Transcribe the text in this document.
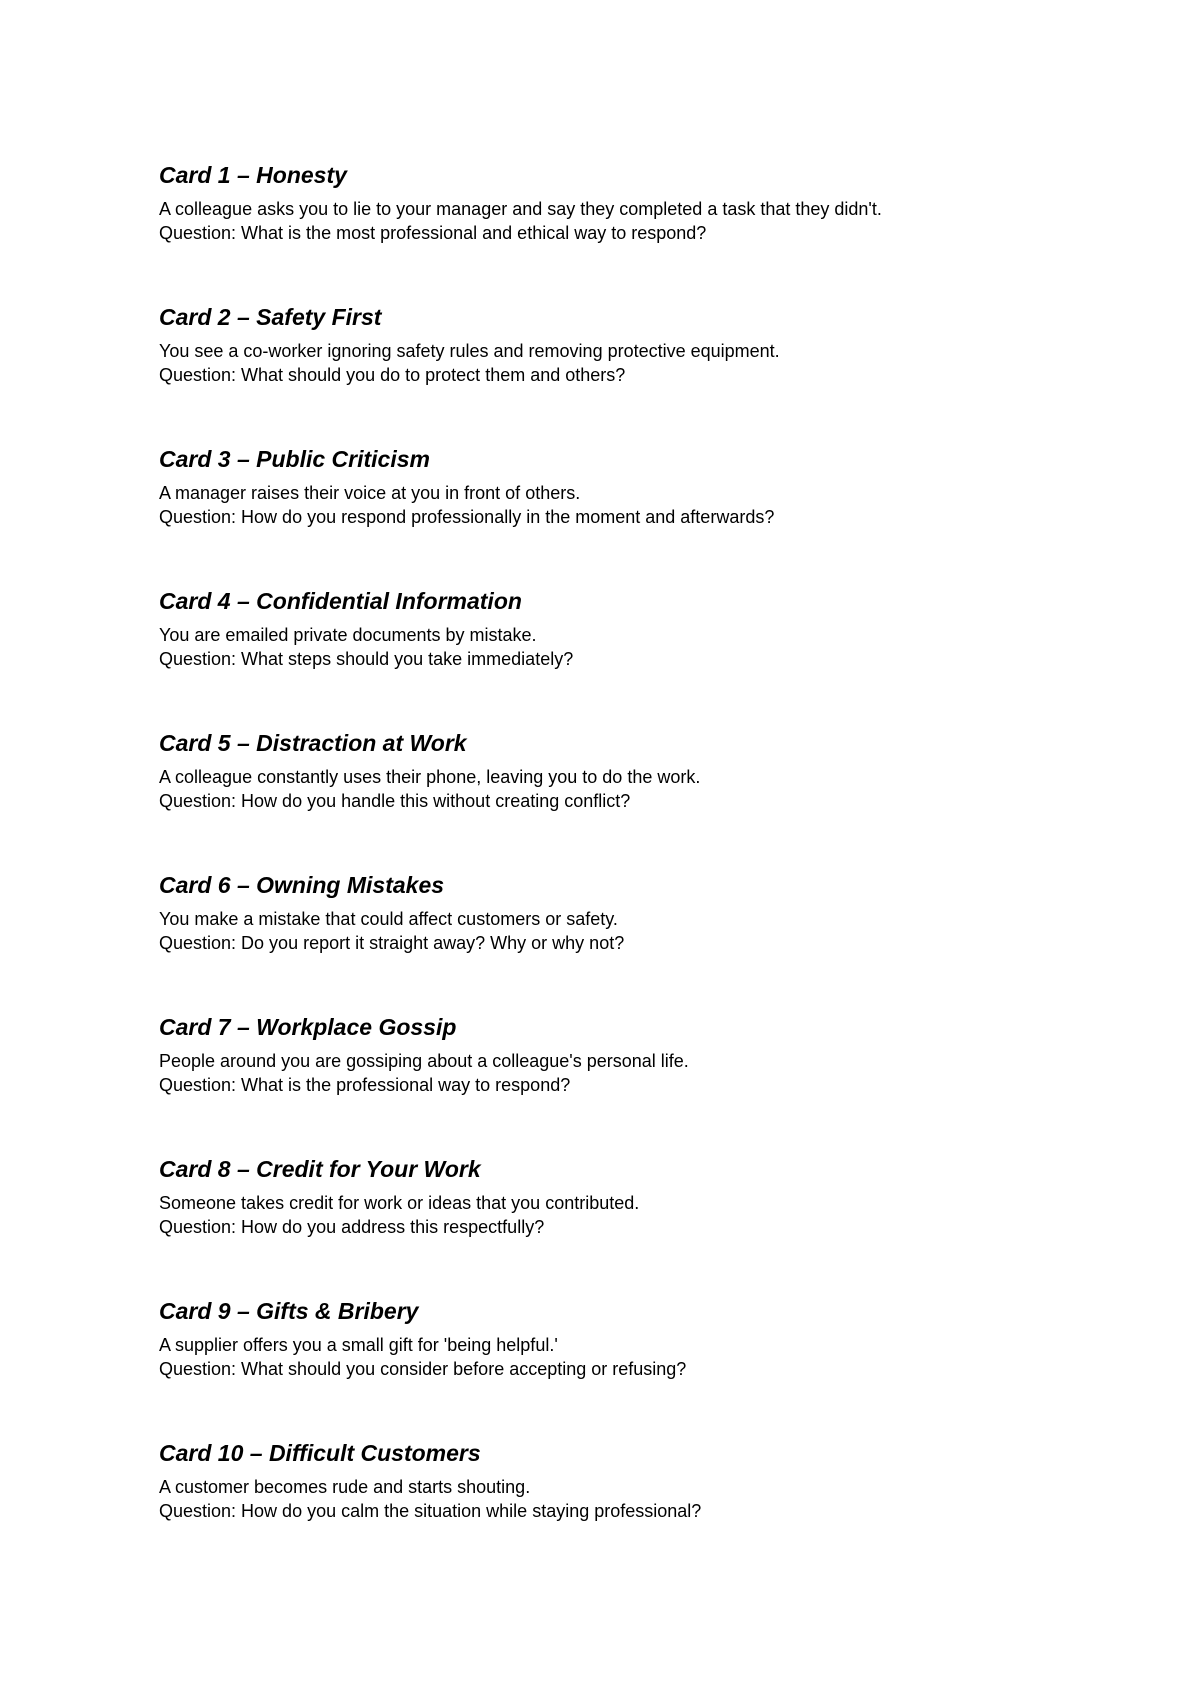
Card 1 – Honesty

A colleague asks you to lie to your manager and say they completed a task that they didn't.
Question: What is the most professional and ethical way to respond?

Card 2 – Safety First

You see a co-worker ignoring safety rules and removing protective equipment.
Question: What should you do to protect them and others?

Card 3 – Public Criticism

A manager raises their voice at you in front of others.
Question: How do you respond professionally in the moment and afterwards?

Card 4 – Confidential Information

You are emailed private documents by mistake.
Question: What steps should you take immediately?

Card 5 – Distraction at Work

A colleague constantly uses their phone, leaving you to do the work.
Question: How do you handle this without creating conflict?

Card 6 – Owning Mistakes

You make a mistake that could affect customers or safety.
Question: Do you report it straight away? Why or why not?

Card 7 – Workplace Gossip

People around you are gossiping about a colleague's personal life.
Question: What is the professional way to respond?

Card 8 – Credit for Your Work

Someone takes credit for work or ideas that you contributed.
Question: How do you address this respectfully?

Card 9 – Gifts & Bribery

A supplier offers you a small gift for 'being helpful.'
Question: What should you consider before accepting or refusing?

Card 10 – Difficult Customers

A customer becomes rude and starts shouting.
Question: How do you calm the situation while staying professional?
